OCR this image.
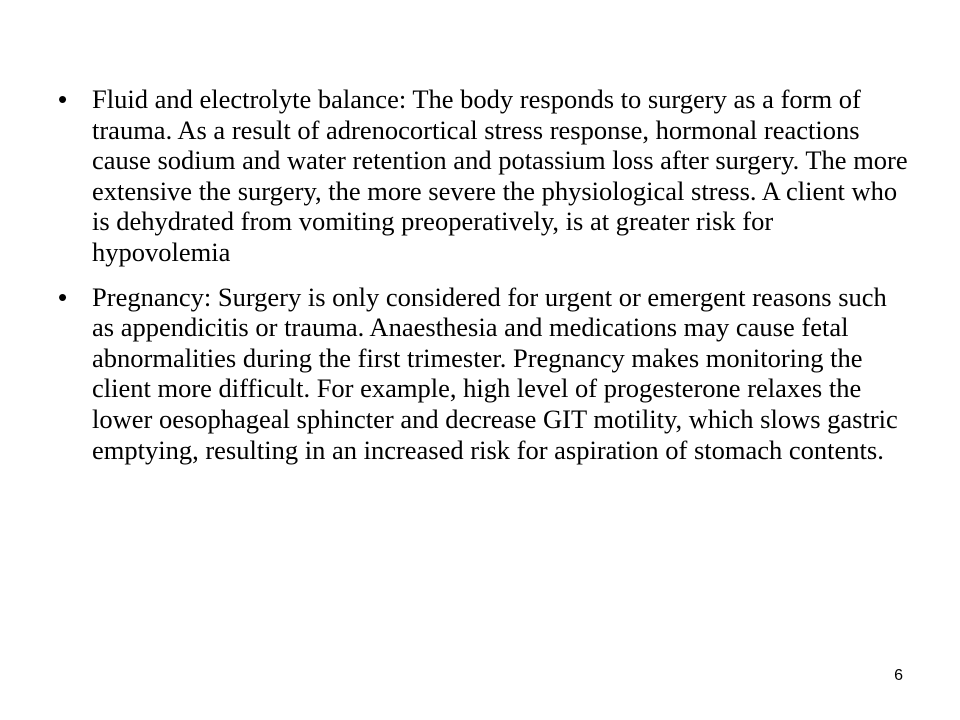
• Fluid and electrolyte balance: The body responds to surgery as a form of trauma. As a result of adrenocortical stress response, hormonal reactions cause sodium and water retention and potassium loss after surgery. The more extensive the surgery, the more severe the physiological stress. A client who is dehydrated from vomiting preoperatively, is at greater risk for hypovolemia
• Pregnancy: Surgery is only considered for urgent or emergent reasons such as appendicitis or trauma. Anaesthesia and medications may cause fetal abnormalities during the first trimester. Pregnancy makes monitoring the client more difficult. For example, high level of progesterone relaxes the lower oesophageal sphincter and decrease GIT motility, which slows gastric emptying, resulting in an increased risk for aspiration of stomach contents.
6
